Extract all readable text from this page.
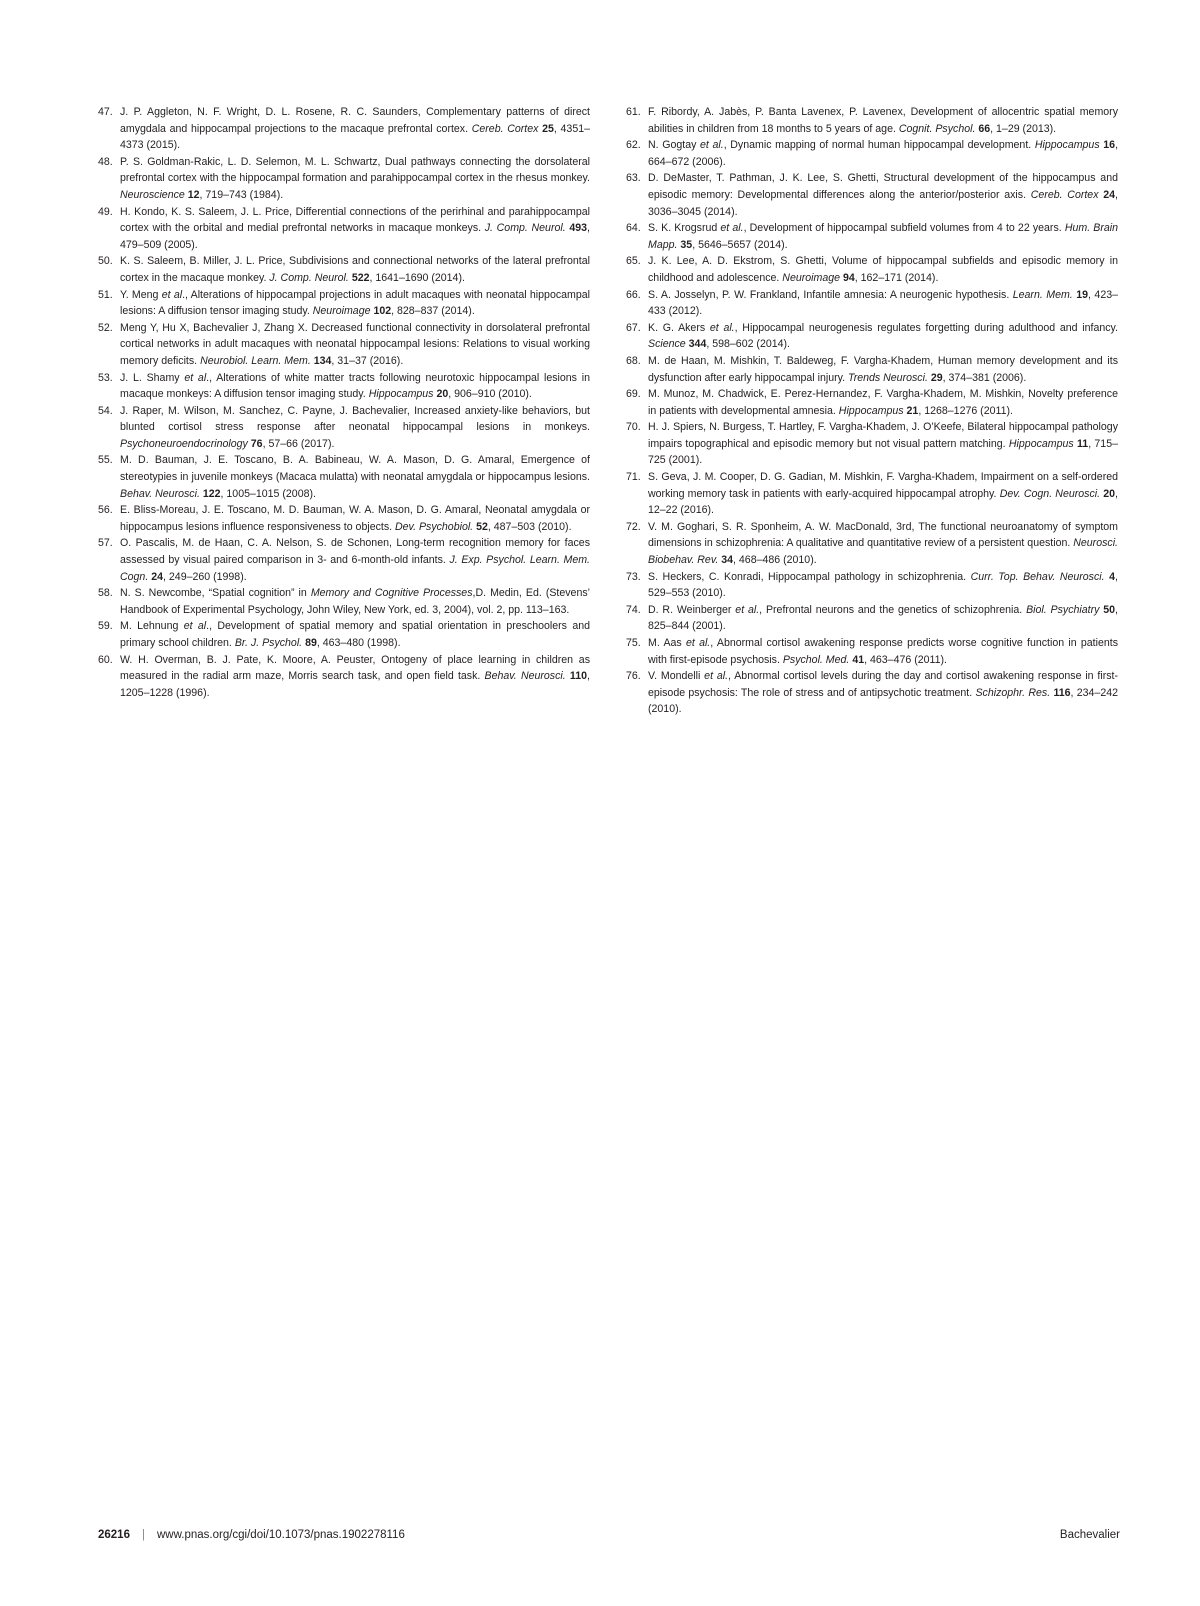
47. J. P. Aggleton, N. F. Wright, D. L. Rosene, R. C. Saunders, Complementary patterns of direct amygdala and hippocampal projections to the macaque prefrontal cortex. Cereb. Cortex 25, 4351–4373 (2015).

48. P. S. Goldman-Rakic, L. D. Selemon, M. L. Schwartz, Dual pathways connecting the dorsolateral prefrontal cortex with the hippocampal formation and parahippocampal cortex in the rhesus monkey. Neuroscience 12, 719–743 (1984).

49. H. Kondo, K. S. Saleem, J. L. Price, Differential connections of the perirhinal and parahippocampal cortex with the orbital and medial prefrontal networks in macaque monkeys. J. Comp. Neurol. 493, 479–509 (2005).

50. K. S. Saleem, B. Miller, J. L. Price, Subdivisions and connectional networks of the lateral prefrontal cortex in the macaque monkey. J. Comp. Neurol. 522, 1641–1690 (2014).

51. Y. Meng et al., Alterations of hippocampal projections in adult macaques with neonatal hippocampal lesions: A diffusion tensor imaging study. Neuroimage 102, 828–837 (2014).

52. Meng Y, Hu X, Bachevalier J, Zhang X. Decreased functional connectivity in dorsolateral prefrontal cortical networks in adult macaques with neonatal hippocampal lesions: Relations to visual working memory deficits. Neurobiol. Learn. Mem. 134, 31–37 (2016).

53. J. L. Shamy et al., Alterations of white matter tracts following neurotoxic hippocampal lesions in macaque monkeys: A diffusion tensor imaging study. Hippocampus 20, 906–910 (2010).

54. J. Raper, M. Wilson, M. Sanchez, C. Payne, J. Bachevalier, Increased anxiety-like behaviors, but blunted cortisol stress response after neonatal hippocampal lesions in monkeys. Psychoneuroendocrinology 76, 57–66 (2017).

55. M. D. Bauman, J. E. Toscano, B. A. Babineau, W. A. Mason, D. G. Amaral, Emergence of stereotypies in juvenile monkeys (Macaca mulatta) with neonatal amygdala or hippocampus lesions. Behav. Neurosci. 122, 1005–1015 (2008).

56. E. Bliss-Moreau, J. E. Toscano, M. D. Bauman, W. A. Mason, D. G. Amaral, Neonatal amygdala or hippocampus lesions influence responsiveness to objects. Dev. Psychobiol. 52, 487–503 (2010).

57. O. Pascalis, M. de Haan, C. A. Nelson, S. de Schonen, Long-term recognition memory for faces assessed by visual paired comparison in 3- and 6-month-old infants. J. Exp. Psychol. Learn. Mem. Cogn. 24, 249–260 (1998).

58. N. S. Newcombe, “Spatial cognition” in Memory and Cognitive Processes,D. Medin, Ed. (Stevens’ Handbook of Experimental Psychology, John Wiley, New York, ed. 3, 2004), vol. 2, pp. 113–163.

59. M. Lehnung et al., Development of spatial memory and spatial orientation in preschoolers and primary school children. Br. J. Psychol. 89, 463–480 (1998).

60. W. H. Overman, B. J. Pate, K. Moore, A. Peuster, Ontogeny of place learning in children as measured in the radial arm maze, Morris search task, and open field task. Behav. Neurosci. 110, 1205–1228 (1996).

61. F. Ribordy, A. Jabès, P. Banta Lavenex, P. Lavenex, Development of allocentric spatial memory abilities in children from 18 months to 5 years of age. Cognit. Psychol. 66, 1–29 (2013).

62. N. Gogtay et al., Dynamic mapping of normal human hippocampal development. Hippocampus 16, 664–672 (2006).

63. D. DeMaster, T. Pathman, J. K. Lee, S. Ghetti, Structural development of the hippocampus and episodic memory: Developmental differences along the anterior/posterior axis. Cereb. Cortex 24, 3036–3045 (2014).

64. S. K. Krogsrud et al., Development of hippocampal subfield volumes from 4 to 22 years. Hum. Brain Mapp. 35, 5646–5657 (2014).

65. J. K. Lee, A. D. Ekstrom, S. Ghetti, Volume of hippocampal subfields and episodic memory in childhood and adolescence. Neuroimage 94, 162–171 (2014).

66. S. A. Josselyn, P. W. Frankland, Infantile amnesia: A neurogenic hypothesis. Learn. Mem. 19, 423–433 (2012).

67. K. G. Akers et al., Hippocampal neurogenesis regulates forgetting during adulthood and infancy. Science 344, 598–602 (2014).

68. M. de Haan, M. Mishkin, T. Baldeweg, F. Vargha-Khadem, Human memory development and its dysfunction after early hippocampal injury. Trends Neurosci. 29, 374–381 (2006).

69. M. Munoz, M. Chadwick, E. Perez-Hernandez, F. Vargha-Khadem, M. Mishkin, Novelty preference in patients with developmental amnesia. Hippocampus 21, 1268–1276 (2011).

70. H. J. Spiers, N. Burgess, T. Hartley, F. Vargha-Khadem, J. O’Keefe, Bilateral hippocampal pathology impairs topographical and episodic memory but not visual pattern matching. Hippocampus 11, 715–725 (2001).

71. S. Geva, J. M. Cooper, D. G. Gadian, M. Mishkin, F. Vargha-Khadem, Impairment on a self-ordered working memory task in patients with early-acquired hippocampal atrophy. Dev. Cogn. Neurosci. 20, 12–22 (2016).

72. V. M. Goghari, S. R. Sponheim, A. W. MacDonald, 3rd, The functional neuroanatomy of symptom dimensions in schizophrenia: A qualitative and quantitative review of a persistent question. Neurosci. Biobehav. Rev. 34, 468–486 (2010).

73. S. Heckers, C. Konradi, Hippocampal pathology in schizophrenia. Curr. Top. Behav. Neurosci. 4, 529–553 (2010).

74. D. R. Weinberger et al., Prefrontal neurons and the genetics of schizophrenia. Biol. Psychiatry 50, 825–844 (2001).

75. M. Aas et al., Abnormal cortisol awakening response predicts worse cognitive function in patients with first-episode psychosis. Psychol. Med. 41, 463–476 (2011).

76. V. Mondelli et al., Abnormal cortisol levels during the day and cortisol awakening response in first-episode psychosis: The role of stress and of antipsychotic treatment. Schizophr. Res. 116, 234–242 (2010).

26216 | www.pnas.org/cgi/doi/10.1073/pnas.1902278116	Bachevalier
